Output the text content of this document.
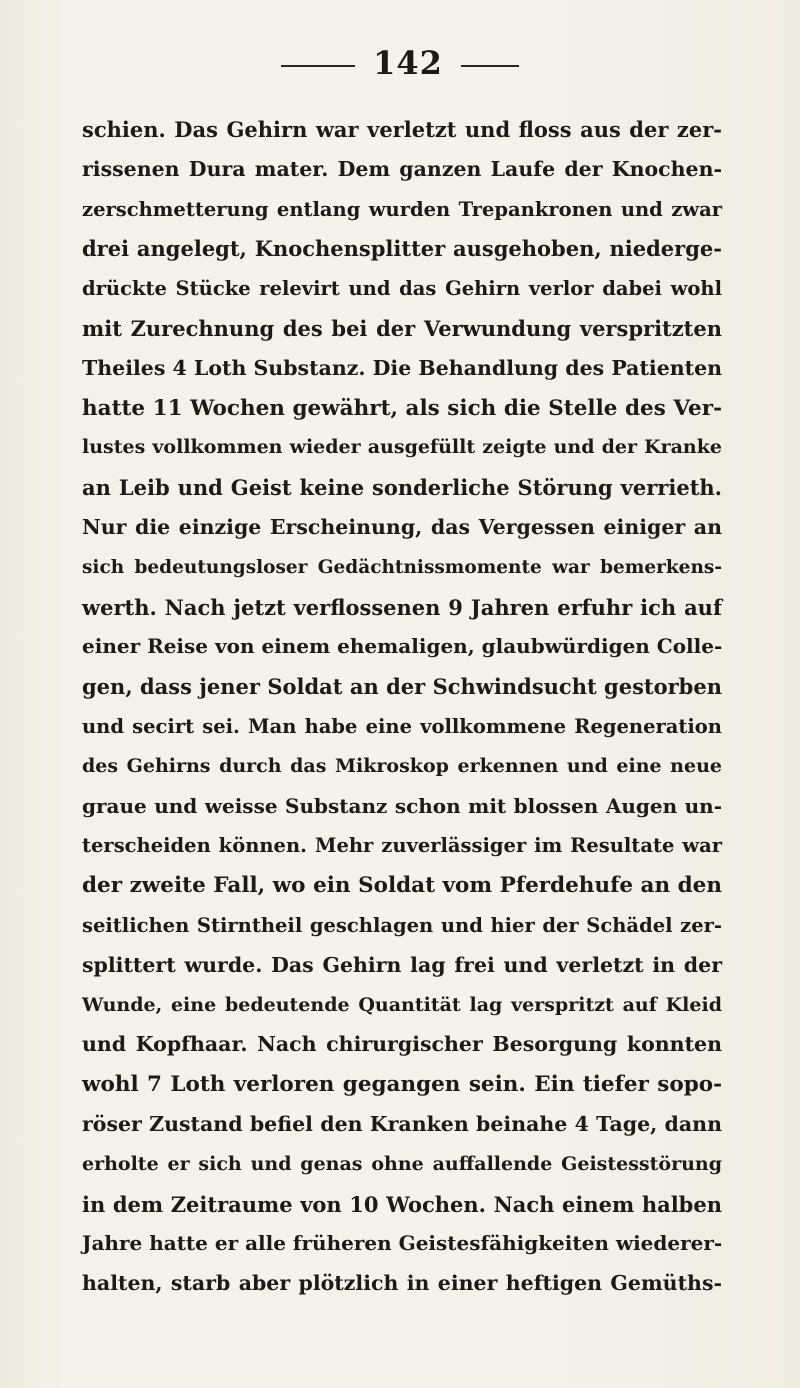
142
schien. Das Gehirn war verletzt und floss aus der zer-
rissenen Dura mater. Dem ganzen Laufe der Knochen-
zerschmetterung entlang wurden Trepankronen und zwar
drei angelegt, Knochensplitter ausgehoben, niederge-
drückte Stücke relevirt und das Gehirn verlor dabei wohl
mit Zurechnung des bei der Verwundung verspritzten
Theiles 4 Loth Substanz. Die Behandlung des Patienten
hatte 11 Wochen gewährt, als sich die Stelle des Ver-
lustes vollkommen wieder ausgefüllt zeigte und der Kranke
an Leib und Geist keine sonderliche Störung verrieth.
Nur die einzige Erscheinung, das Vergessen einiger an
sich bedeutungsloser Gedächtnissmomente war bemerkens-
werth. Nach jetzt verflossenen 9 Jahren erfuhr ich auf
einer Reise von einem ehemaligen, glaubwürdigen Colle-
gen, dass jener Soldat an der Schwindsucht gestorben
und secirt sei. Man habe eine vollkommene Regeneration
des Gehirns durch das Mikroskop erkennen und eine neue
graue und weisse Substanz schon mit blossen Augen un-
terscheiden können. Mehr zuverlässiger im Resultate war
der zweite Fall, wo ein Soldat vom Pferdehufe an den
seitlichen Stirntheil geschlagen und hier der Schädel zer-
splittert wurde. Das Gehirn lag frei und verletzt in der
Wunde, eine bedeutende Quantität lag verspritzt auf Kleid
und Kopfhaar. Nach chirurgischer Besorgung konnten
wohl 7 Loth verloren gegangen sein. Ein tiefer sopo-
röser Zustand befiel den Kranken beinahe 4 Tage, dann
erholte er sich und genas ohne auffallende Geistesstörung
in dem Zeitraume von 10 Wochen. Nach einem halben
Jahre hatte er alle früheren Geistesfähigkeiten wiederer-
halten, starb aber plötzlich in einer heftigen Gemüths-
